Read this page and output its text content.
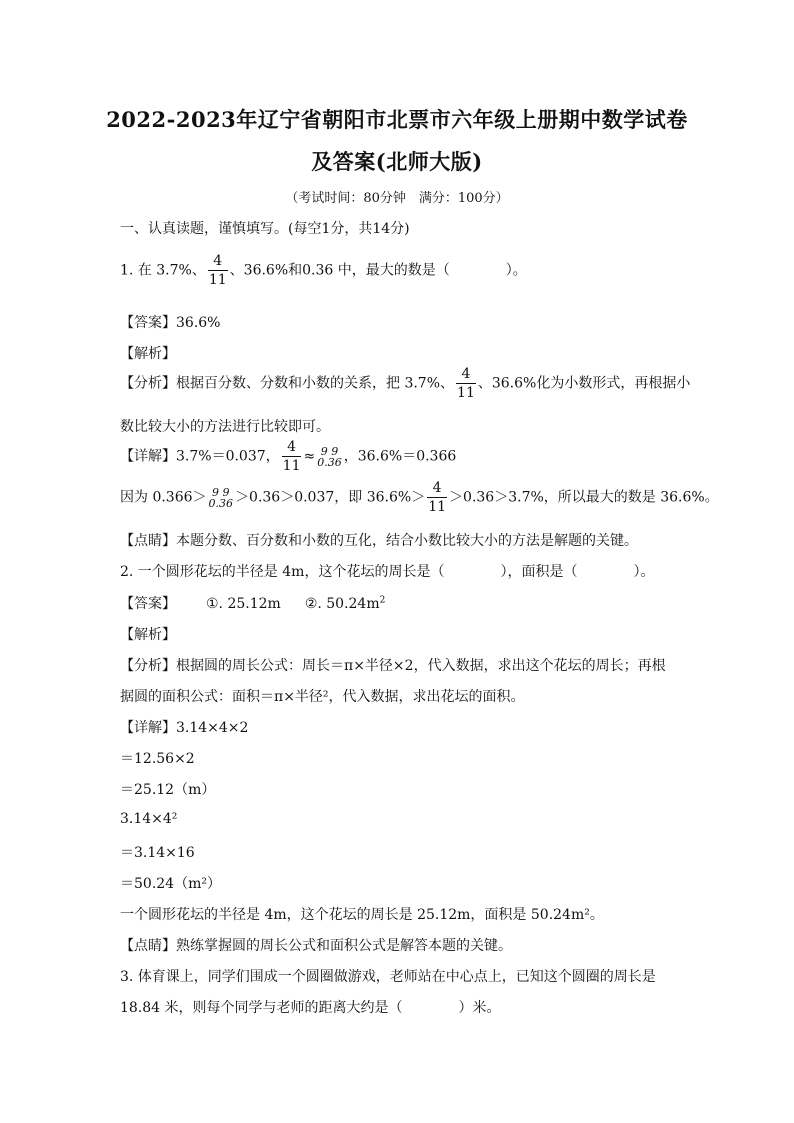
2022-2023年辽宁省朝阳市北票市六年级上册期中数学试卷
及答案(北师大版)
（考试时间：80分钟　满分：100分）
一、认真读题，谨慎填写。(每空1分，共14分)
1. 在 3.7%、 $\frac{4}{11}$ 、36.6%和0.36 中，最大的数是（　　　　）。
【答案】36.6%
【解析】
【分析】根据百分数、分数和小数的关系，把 3.7%、 $\frac{4}{11}$ 、36.6%化为小数形式，再根据小
数比较大小的方法进行比较即可。
【详解】3.7%＝0.037， $\frac{4}{11} \approx 9$ 9
0.36 ，36.6%＝0.366
因为 0.366＞ 9 9
0.36 ＞0.36＞0.037，即 $36.6\%> \frac{4}{11} >0.36>3.7\%$，所以最大的数是 36.6%。
【点睛】本题分数、百分数和小数的互化，结合小数比较大小的方法是解题的关键。
2. 一个圆形花坛的半径是 4m，这个花坛的周长是（　　　　），面积是（　　　　）。
【答案】 ①. 25.12m ②. $50.24m^2$
【解析】
【分析】根据圆的周长公式：周长＝π×半径×2，代入数据，求出这个花坛的周长；再根
据圆的面积公式：面积＝π×半径²，代入数据，求出花坛的面积。
【详解】3.14×4×2
＝12.56×2
＝25.12（m）
3.14×4²
＝3.14×16
＝50.24（m²）
一个圆形花坛的半径是 4m，这个花坛的周长是 25.12m，面积是 50.24m²。
【点睛】熟练掌握圆的周长公式和面积公式是解答本题的关键。
3. 体育课上，同学们围成一个圆圈做游戏，老师站在中心点上，已知这个圆圈的周长是
18.84 米，则每个同学与老师的距离大约是（　　　　）米。
